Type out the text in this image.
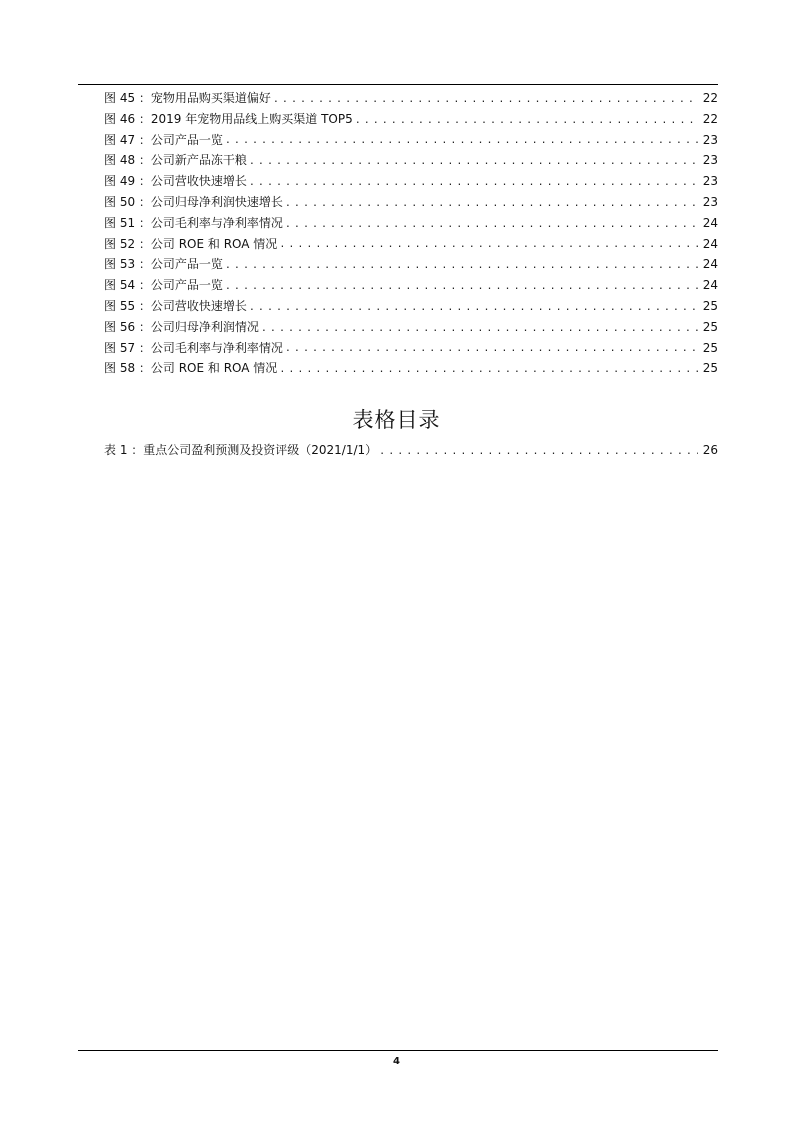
图 45 ：宠物用品购买渠道偏好 .....	22
图 46 ：2019 年宠物用品线上购买渠道 TOP5 .....	22
图 47 ：公司产品一览 .....	23
图 48 ：公司新产品冻干粮 .....	23
图 49 ：公司营收快速增长 .....	23
图 50 ：公司归母净利润快速增长 .....	23
图 51 ：公司毛利率与净利率情况 .....	24
图 52 ：公司 ROE 和 ROA 情况 .....	24
图 53 ：公司产品一览 .....	24
图 54 ：公司产品一览 .....	24
图 55 ：公司营收快速增长 .....	25
图 56 ：公司归母净利润情况 .....	25
图 57 ：公司毛利率与净利率情况 .....	25
图 58 ：公司 ROE 和 ROA 情况 .....	25
表格目录
表 1 ：重点公司盈利预测及投资评级（2021/1/1） .....	26
4
